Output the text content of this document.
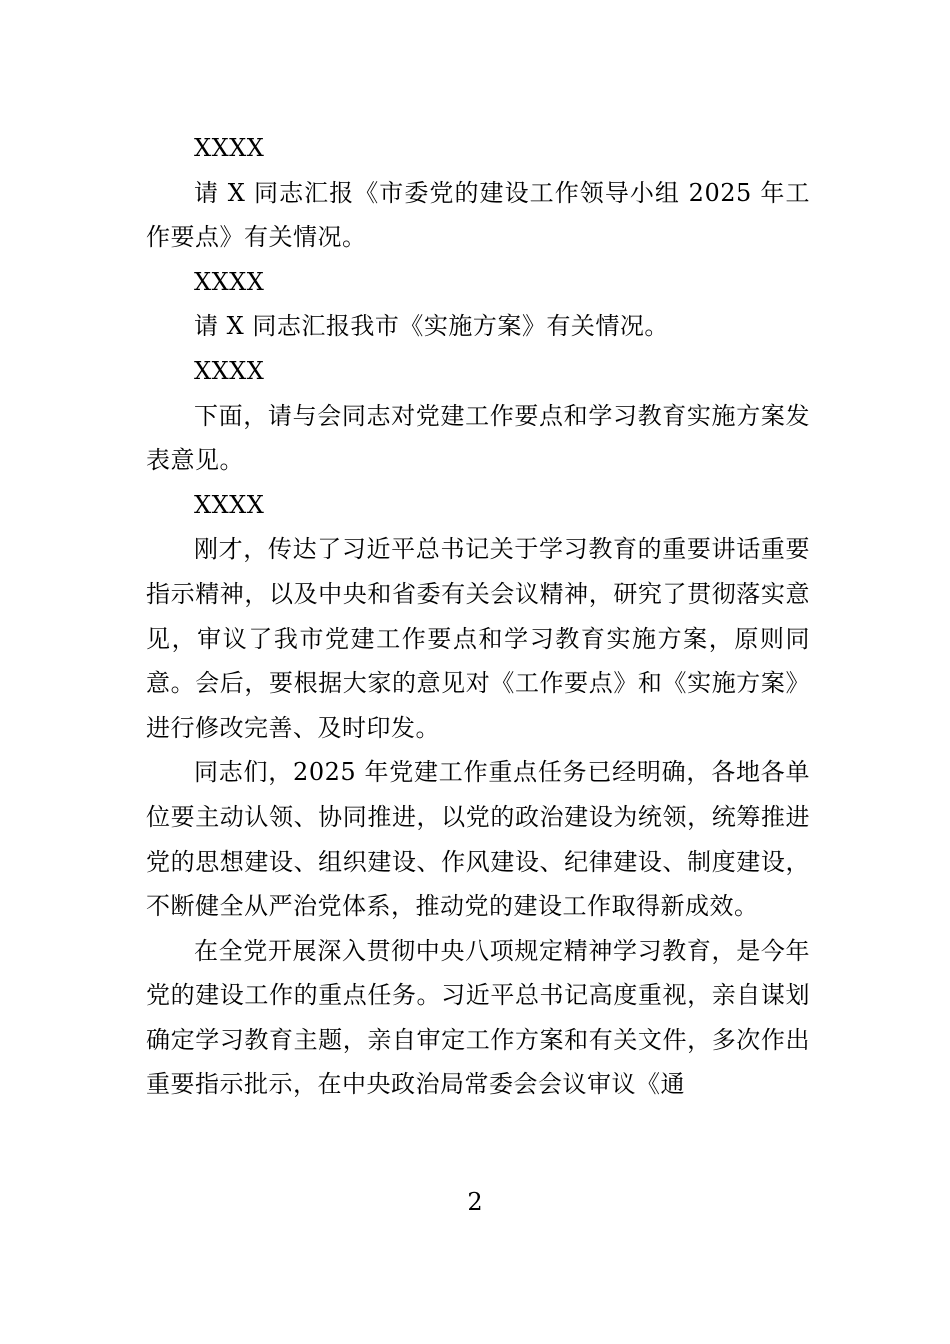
XXXX

请 X 同志汇报《市委党的建设工作领导小组 2025 年工作要点》有关情况。

XXXX

请 X 同志汇报我市《实施方案》有关情况。

XXXX

下面，请与会同志对党建工作要点和学习教育实施方案发表意见。

XXXX

刚才，传达了习近平总书记关于学习教育的重要讲话重要指示精神，以及中央和省委有关会议精神，研究了贯彻落实意见，审议了我市党建工作要点和学习教育实施方案，原则同意。会后，要根据大家的意见对《工作要点》和《实施方案》进行修改完善、及时印发。

同志们，2025 年党建工作重点任务已经明确，各地各单位要主动认领、协同推进，以党的政治建设为统领，统筹推进党的思想建设、组织建设、作风建设、纪律建设、制度建设，不断健全从严治党体系，推动党的建设工作取得新成效。

在全党开展深入贯彻中央八项规定精神学习教育，是今年党的建设工作的重点任务。习近平总书记高度重视，亲自谋划确定学习教育主题，亲自审定工作方案和有关文件，多次作出重要指示批示，在中央政治局常委会会议审议《通

2
